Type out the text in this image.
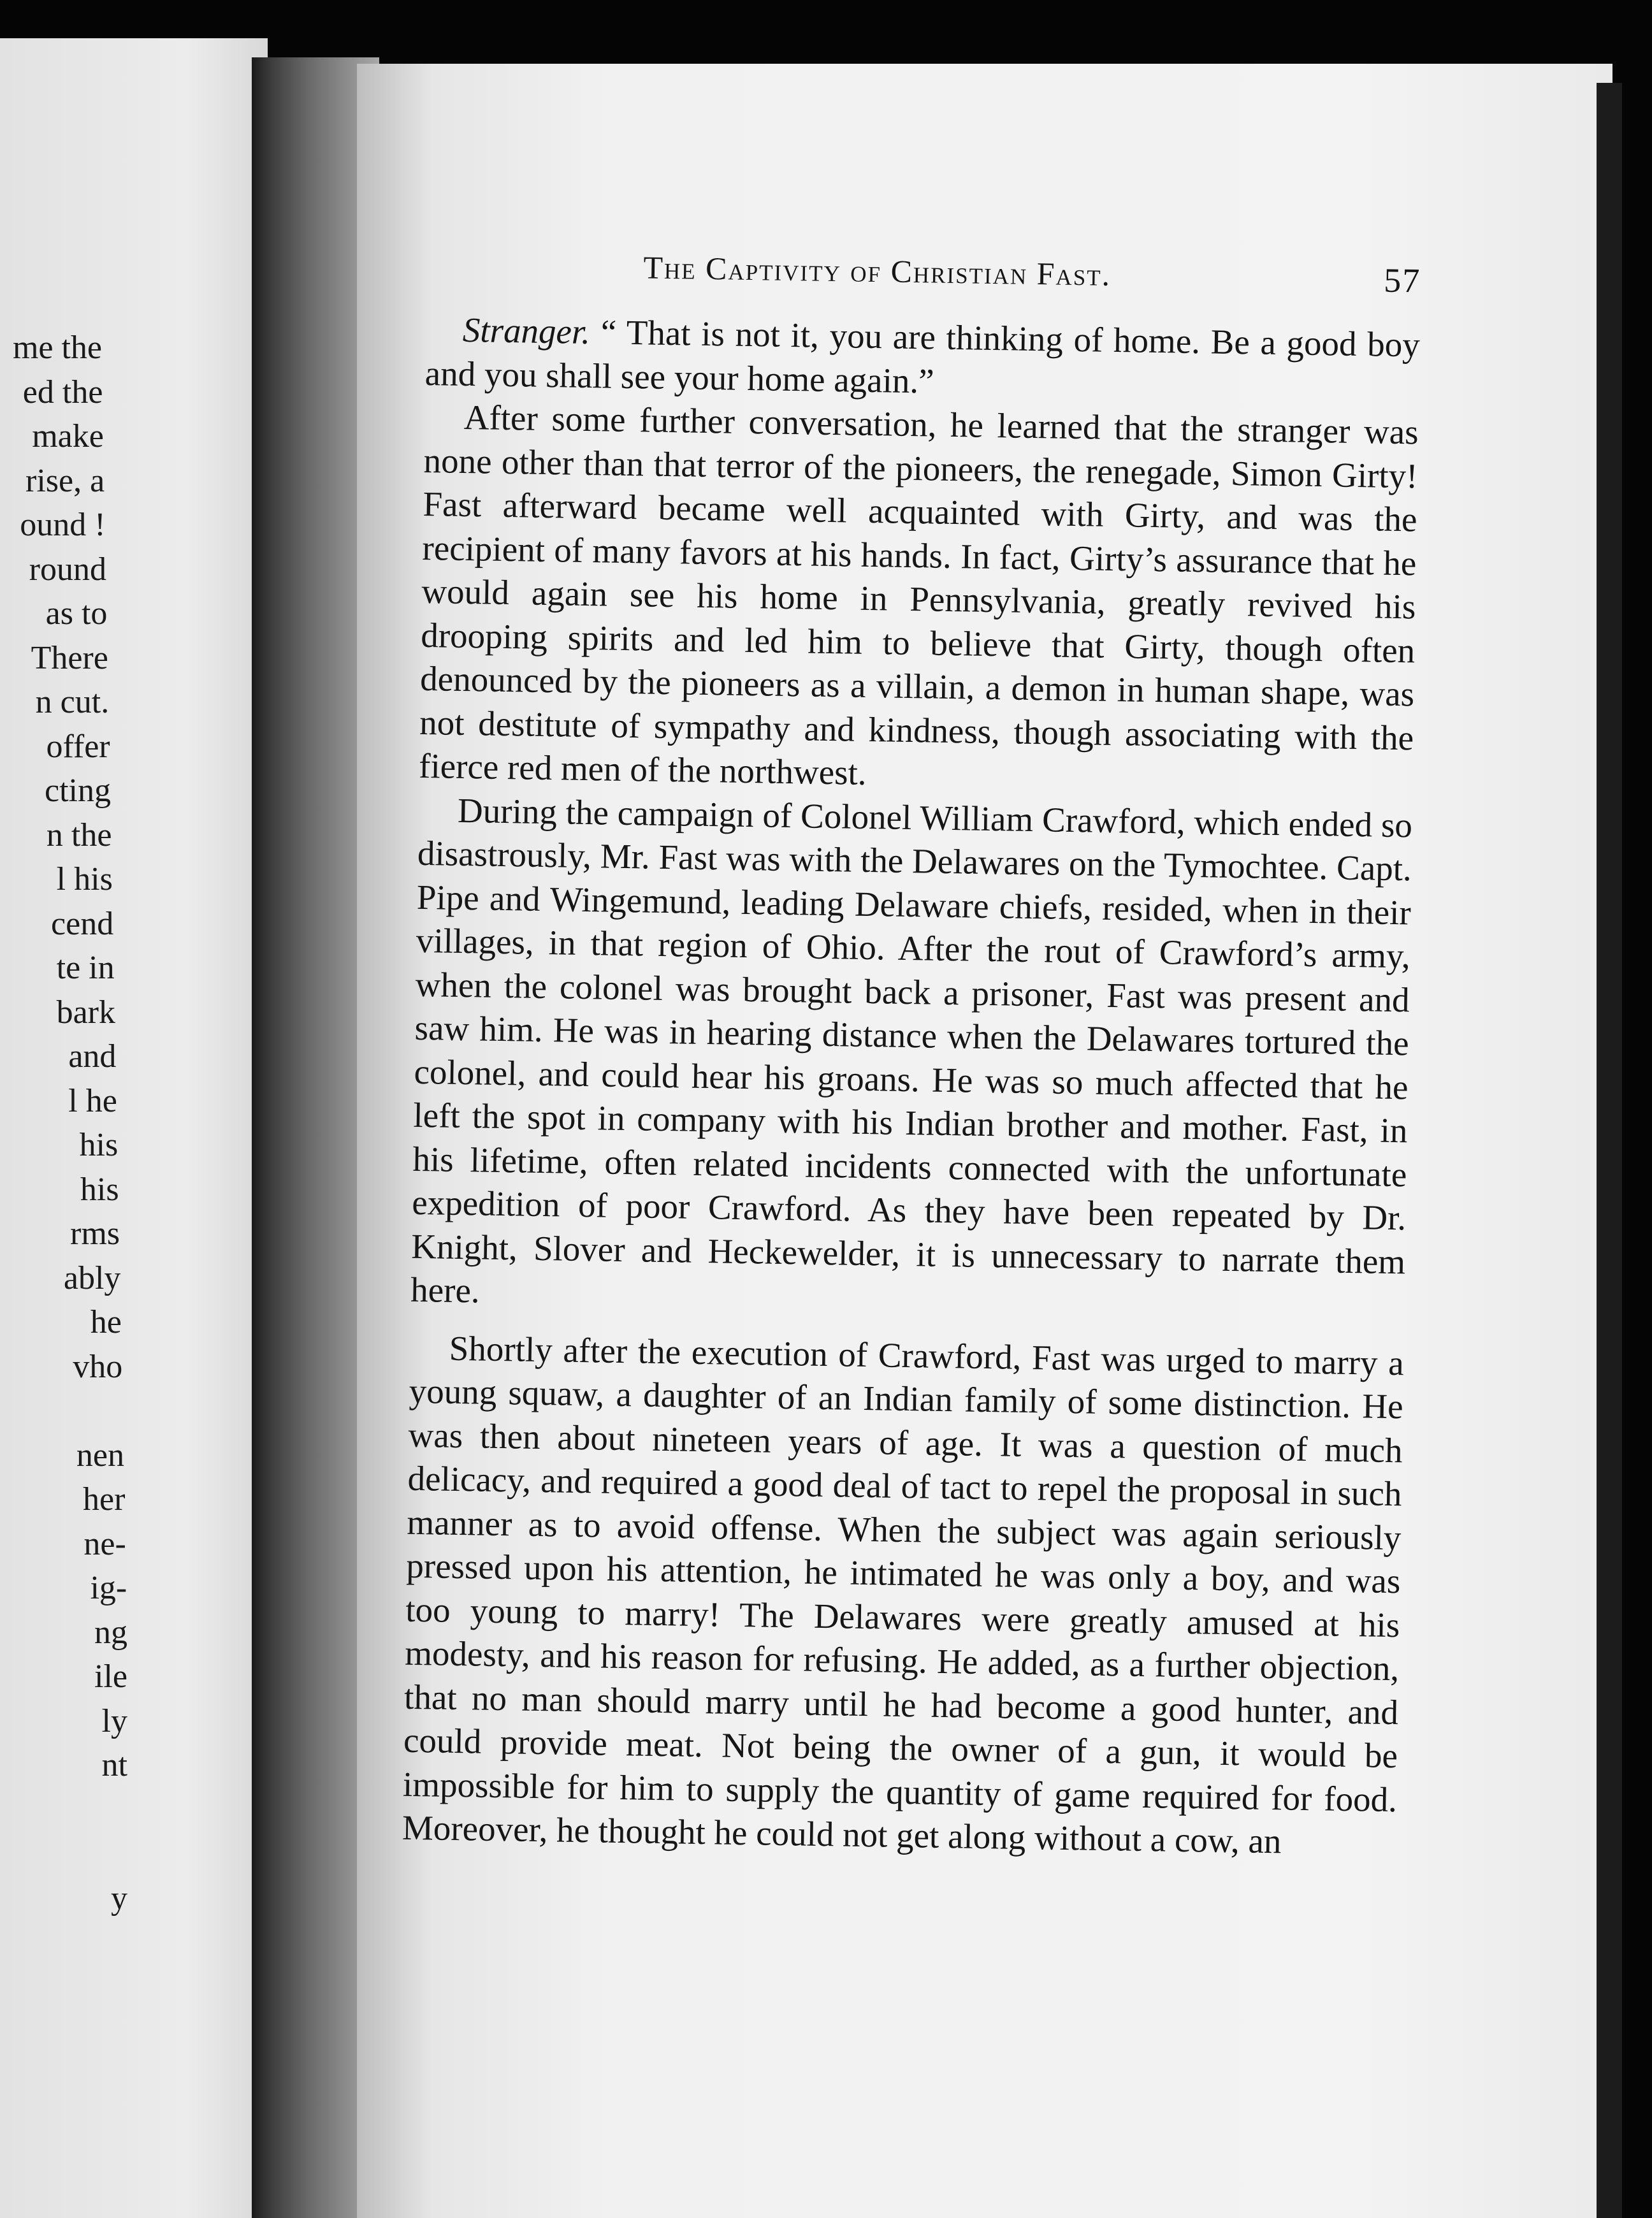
me the
ed the
make
rise, a
ound !
round
as to
There
n cut.
offer
cting
n the
l his
cend
te in
bark
and
l he
his
his
rms
ably
he
vho
nen
her
ne-
ig-
ng
ile
ly
nt
y
The Captivity of Christian Fast.	57

Stranger. “ That is not it, you are thinking of home. Be a good boy and you shall see your home again.”

After some further conversation, he learned that the stranger was none other than that terror of the pioneers, the renegade, Simon Girty! Fast afterward became well acquainted with Girty, and was the recipient of many favors at his hands. In fact, Girty’s assurance that he would again see his home in Pennsylvania, greatly revived his drooping spirits and led him to believe that Girty, though often denounced by the pioneers as a villain, a demon in human shape, was not destitute of sympathy and kindness, though associating with the fierce red men of the northwest.

During the campaign of Colonel William Crawford, which ended so disastrously, Mr. Fast was with the Delawares on the Tymochtee. Capt. Pipe and Wingemund, leading Delaware chiefs, resided, when in their villages, in that region of Ohio. After the rout of Crawford’s army, when the colonel was brought back a prisoner, Fast was present and saw him. He was in hearing distance when the Delawares tortured the colonel, and could hear his groans. He was so much affected that he left the spot in company with his Indian brother and mother. Fast, in his lifetime, often related incidents connected with the unfortunate expedition of poor Crawford. As they have been repeated by Dr. Knight, Slover and Heckewelder, it is unnecessary to narrate them here.

Shortly after the execution of Crawford, Fast was urged to marry a young squaw, a daughter of an Indian family of some distinction. He was then about nineteen years of age. It was a question of much delicacy, and required a good deal of tact to repel the proposal in such manner as to avoid offense. When the subject was again seriously pressed upon his attention, he intimated he was only a boy, and was too young to marry! The Delawares were greatly amused at his modesty, and his reason for refusing. He added, as a further objection, that no man should marry until he had become a good hunter, and could provide meat. Not being the owner of a gun, it would be impossible for him to supply the quantity of game required for food. Moreover, he thought he could not get along without a cow, an
